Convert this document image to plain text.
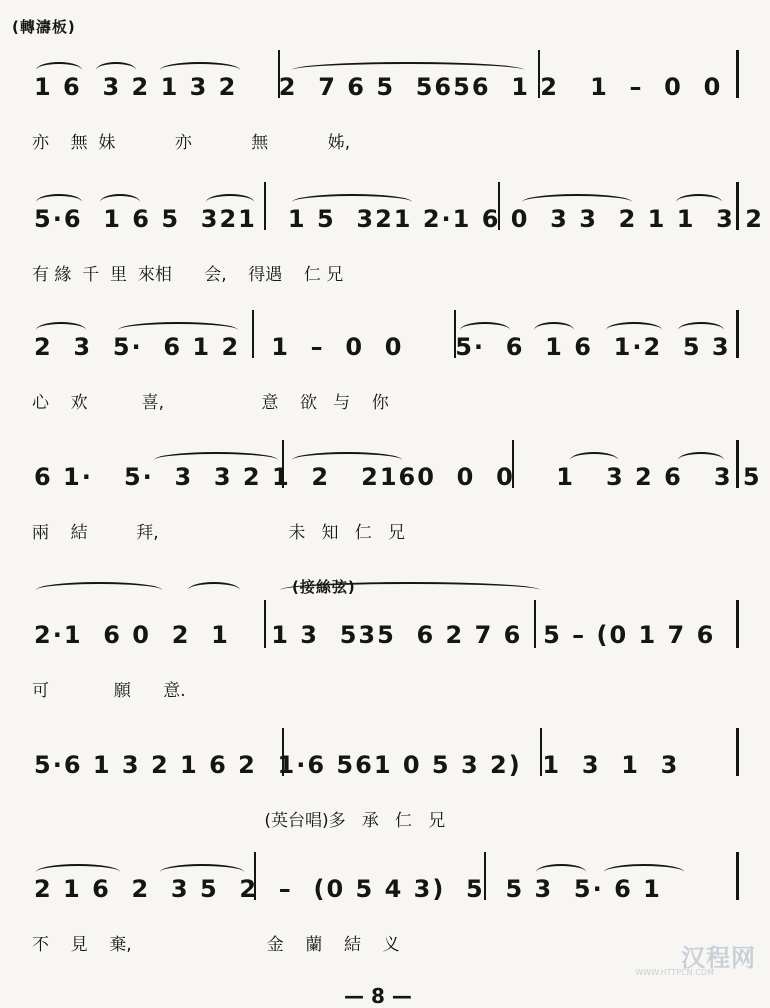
(轉濤板)
1 6  3 2 1 3 2    2  7 6 5  5656  1 2   1  –  0  0
亦    無  妹           亦           無           姊,
5·6  1 6 5  321   1 5  321 2·1 6 0  3 3  2 1 1  3 2
有 緣  千  里  來相      会,    得遇    仁 兄
2  3  5·  6 1 2   1  –  0  0     5·  6  1 6  1·2  5 3
心    欢          喜,                  意    欲   与    你
6 1·   5·  3  3 2 1  2   2160  0  0    1   3 2 6   3 5
兩    結         拜,                        未   知   仁   兄
(接絲弦)
2·1  6 0  2  1    1 3  535  6 2 7 6  5 – (0 1 7 6
可            願      意.
5·6 1 3 2 1 6 2  1·6 561 0 5 3 2)  1  3  1  3
(英台唱)多   承   仁   兄
2 1 6  2  3 5  2  –  (0 5 4 3)  5  5 3  5· 6 1
不    見    棄,                         金    蘭    結    义	汉程网
WWW.HTTPCN.COM
— 8 —
